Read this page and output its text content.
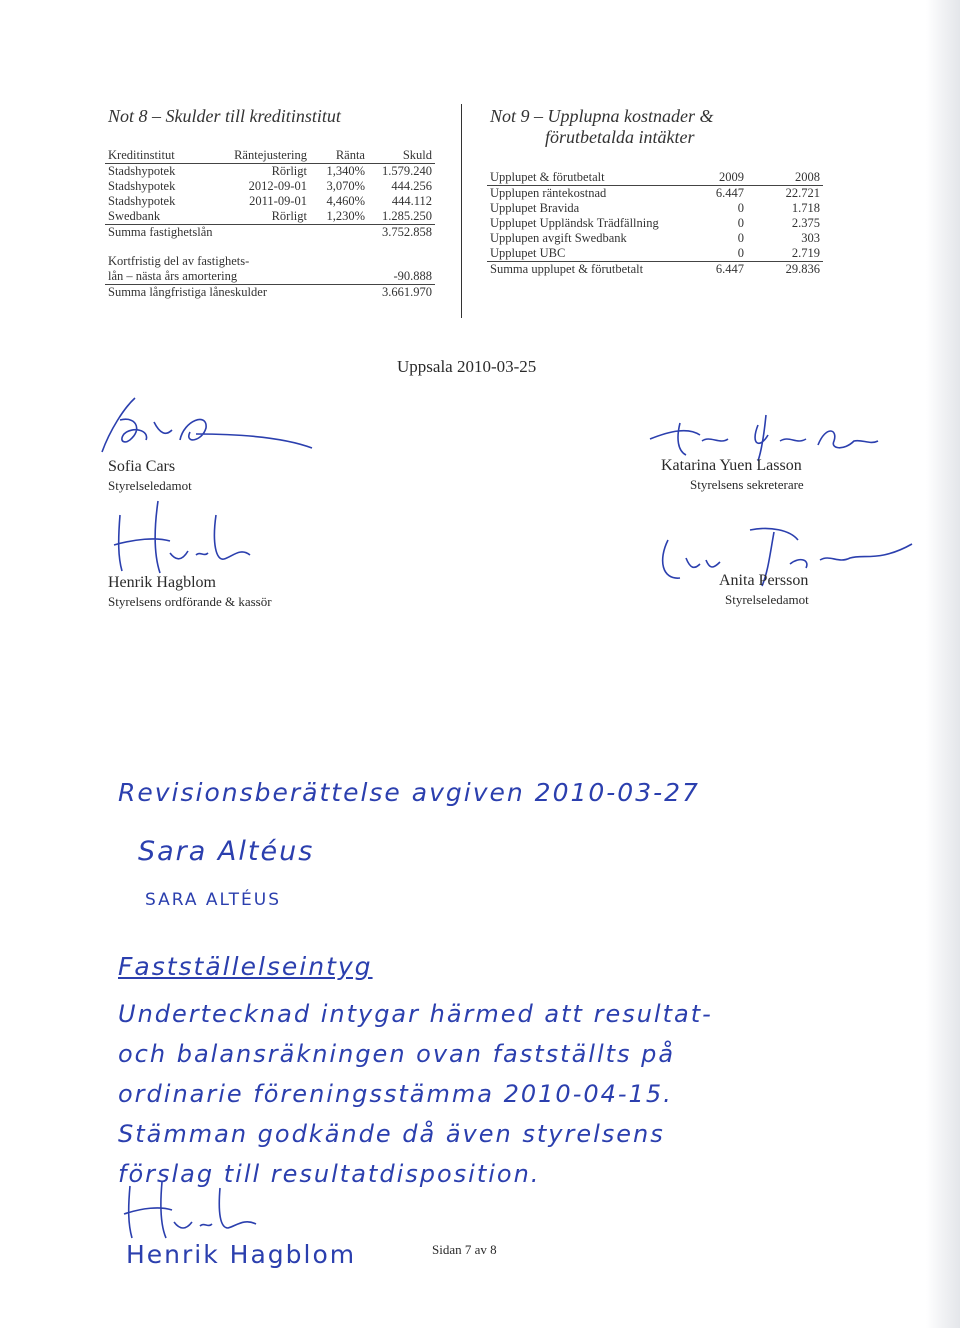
Not 8 – Skulder till kreditinstitut
Kreditinstitut	Räntejustering	Ränta	Skuld
Stadshypotek	Rörligt	1,340%	1.579.240
Stadshypotek	2012-09-01	3,070%	444.256
Stadshypotek	2011-09-01	4,460%	444.112
Swedbank	Rörligt	1,230%	1.285.250
Summa fastighetslån		3.752.858	

Kortfristig del av fastighets-			
lån – nästa års amortering		-90.888	
Summa långfristiga låneskulder		3.661.970	
Not 9 – Upplupna kostnader &
förutbetalda intäkter
Upplupet & förutbetalt	2009	2008
Upplupen räntekostnad	6.447	22.721
Upplupet Bravida	0	1.718
Upplupet Uppländsk Trädfällning	0	2.375
Upplupen avgift Swedbank	0	303
Upplupet UBC	0	2.719
Summa upplupet & förutbetalt	6.447	29.836
Uppsala 2010-03-25
Sofia Cars
Styrelseledamot
Katarina Yuen Lasson
Styrelsens sekreterare
Henrik Hagblom
Styrelsens ordförande & kassör
Anita Persson
Styrelseledamot
Revisionsberättelse avgiven 2010-03-27
Sara Altéus
SARA ALTÉUS
Fastställelseintyg
Undertecknad intygar härmed att resultat-
och balansräkningen ovan fastställts på
ordinarie föreningsstämma 2010-04-15.
Stämman godkände då även styrelsens
förslag till resultatdisposition.
Henrik Hagblom	Sidan 7 av 8
